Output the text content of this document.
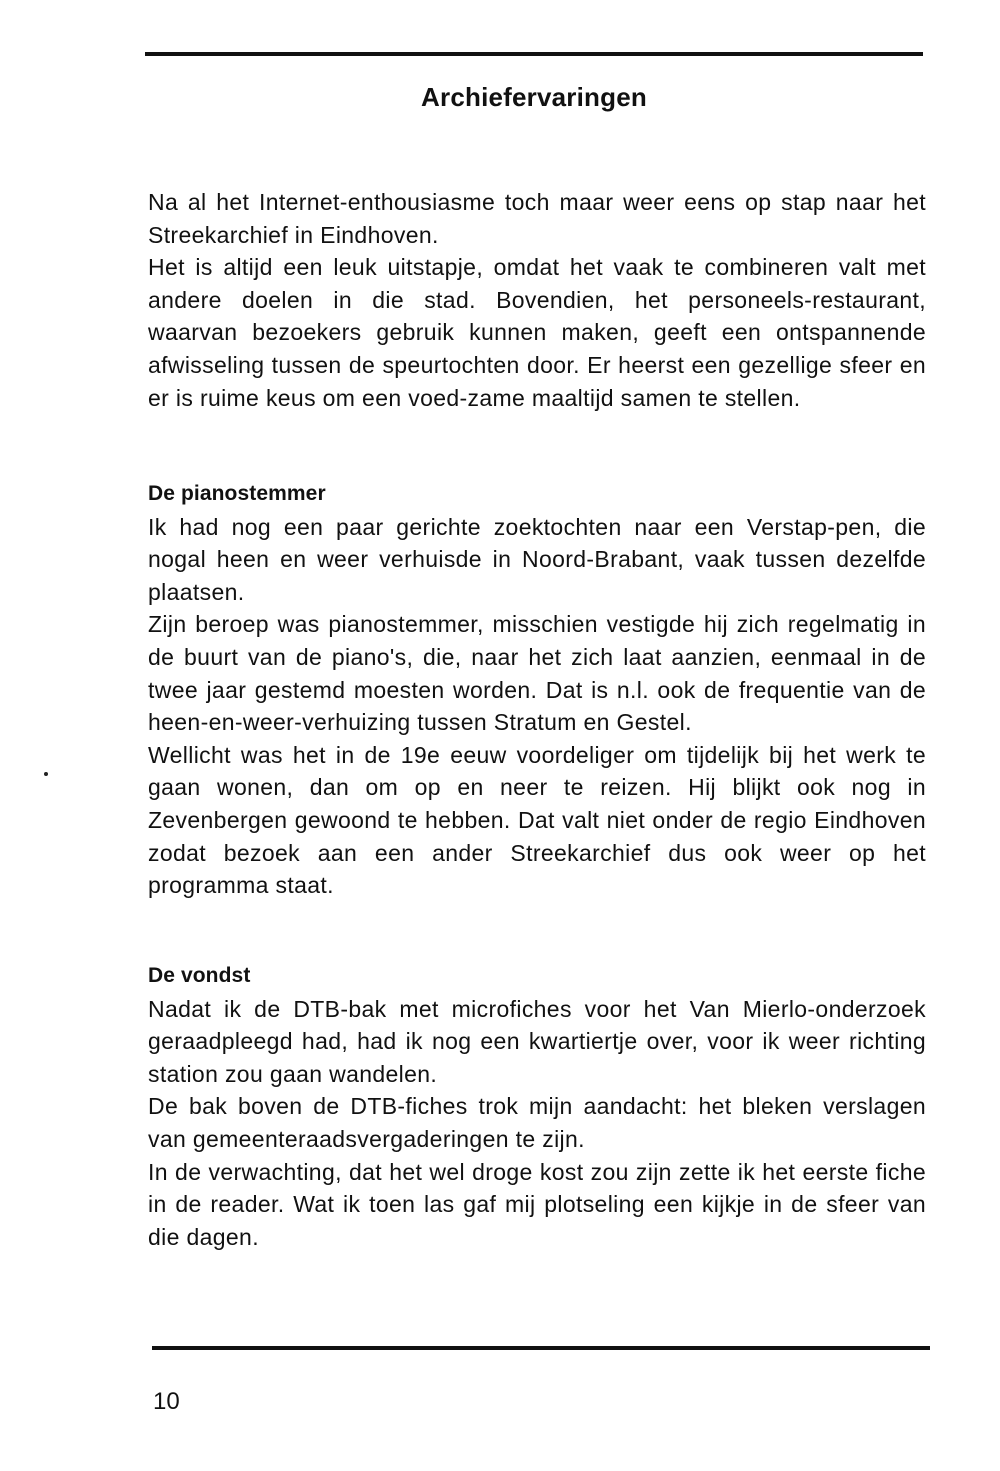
Archiefervaringen

Na al het Internet-enthousiasme toch maar weer eens op stap naar het Streekarchief in Eindhoven.

Het is altijd een leuk uitstapje, omdat het vaak te combineren valt met andere doelen in die stad. Bovendien, het personeels-restaurant, waarvan bezoekers gebruik kunnen maken, geeft een ontspannende afwisseling tussen de speurtochten door. Er heerst een gezellige sfeer en er is ruime keus om een voed-zame maaltijd samen te stellen.

De pianostemmer

Ik had nog een paar gerichte zoektochten naar een Verstap-pen, die nogal heen en weer verhuisde in Noord-Brabant, vaak tussen dezelfde plaatsen.

Zijn beroep was pianostemmer, misschien vestigde hij zich regelmatig in de buurt van de piano's, die, naar het zich laat aanzien, eenmaal in de twee jaar gestemd moesten worden. Dat is n.l. ook de frequentie van de heen-en-weer-verhuizing tussen Stratum en Gestel.

Wellicht was het in de 19e eeuw voordeliger om tijdelijk bij het werk te gaan wonen, dan om op en neer te reizen. Hij blijkt ook nog in Zevenbergen gewoond te hebben. Dat valt niet onder de regio Eindhoven zodat bezoek aan een ander Streekarchief dus ook weer op het programma staat.

De vondst

Nadat ik de DTB-bak met microfiches voor het Van Mierlo-onderzoek geraadpleegd had, had ik nog een kwartiertje over, voor ik weer richting station zou gaan wandelen.

De bak boven de DTB-fiches trok mijn aandacht: het bleken verslagen van gemeenteraadsvergaderingen te zijn.

In de verwachting, dat het wel droge kost zou zijn zette ik het eerste fiche in de reader. Wat ik toen las gaf mij plotseling een kijkje in de sfeer van die dagen.

10
